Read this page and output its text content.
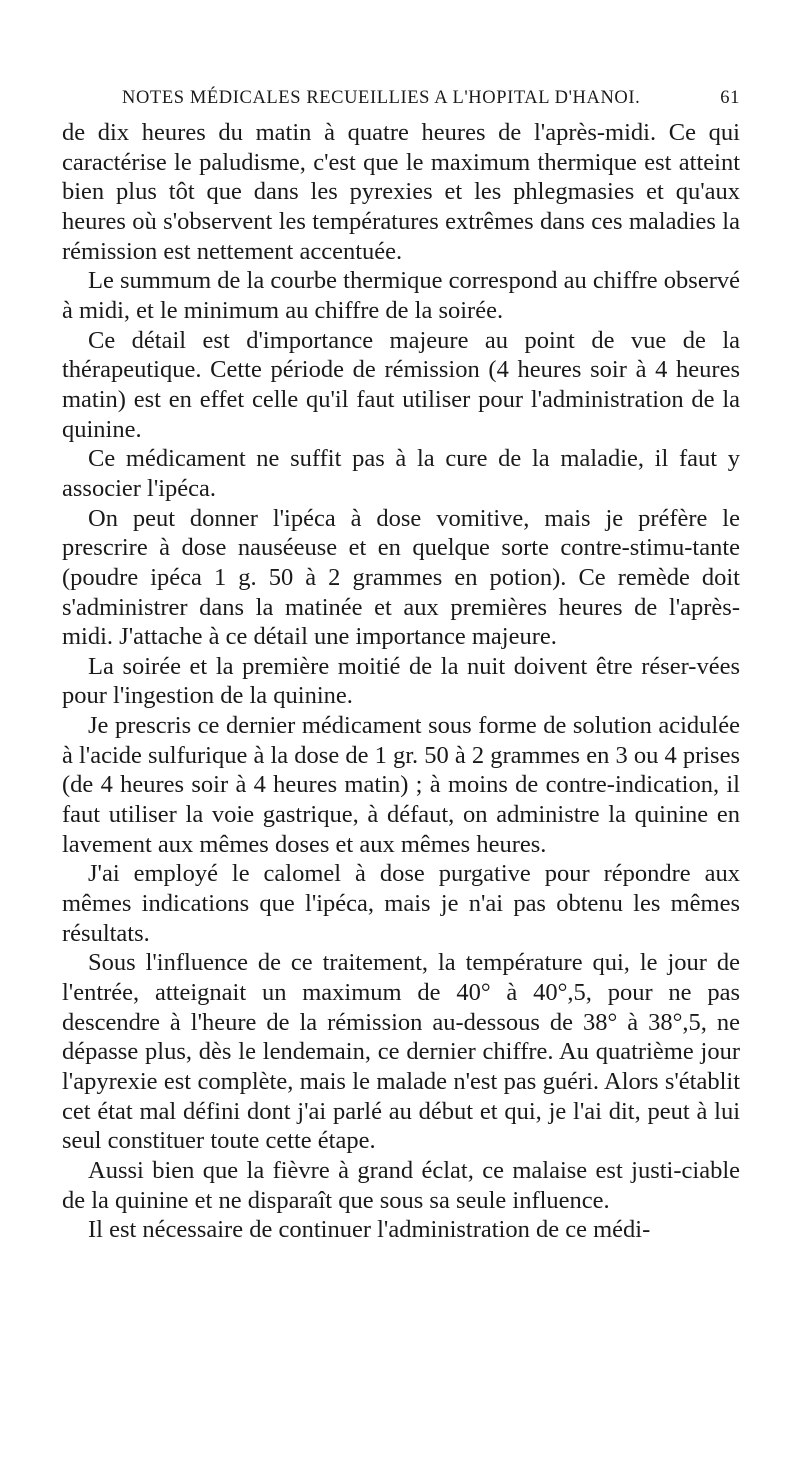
NOTES MÉDICALES RECUEILLIES A L'HOPITAL D'HANOI.	61

de dix heures du matin à quatre heures de l'après-midi. Ce qui caractérise le paludisme, c'est que le maximum thermique est atteint bien plus tôt que dans les pyrexies et les phlegmasies et qu'aux heures où s'observent les températures extrêmes dans ces maladies la rémission est nettement accentuée.

Le summum de la courbe thermique correspond au chiffre observé à midi, et le minimum au chiffre de la soirée.

Ce détail est d'importance majeure au point de vue de la thérapeutique. Cette période de rémission (4 heures soir à 4 heures matin) est en effet celle qu'il faut utiliser pour l'administration de la quinine.

Ce médicament ne suffit pas à la cure de la maladie, il faut y associer l'ipéca.

On peut donner l'ipéca à dose vomitive, mais je préfère le prescrire à dose nauséeuse et en quelque sorte contre-stimu-tante (poudre ipéca 1 g. 50 à 2 grammes en potion). Ce remède doit s'administrer dans la matinée et aux premières heures de l'après-midi. J'attache à ce détail une importance majeure.

La soirée et la première moitié de la nuit doivent être réser-vées pour l'ingestion de la quinine.

Je prescris ce dernier médicament sous forme de solution acidulée à l'acide sulfurique à la dose de 1 gr. 50 à 2 grammes en 3 ou 4 prises (de 4 heures soir à 4 heures matin) ; à moins de contre-indication, il faut utiliser la voie gastrique, à défaut, on administre la quinine en lavement aux mêmes doses et aux mêmes heures.

J'ai employé le calomel à dose purgative pour répondre aux mêmes indications que l'ipéca, mais je n'ai pas obtenu les mêmes résultats.

Sous l'influence de ce traitement, la température qui, le jour de l'entrée, atteignait un maximum de 40° à 40°,5, pour ne pas descendre à l'heure de la rémission au-dessous de 38° à 38°,5, ne dépasse plus, dès le lendemain, ce dernier chiffre. Au quatrième jour l'apyrexie est complète, mais le malade n'est pas guéri. Alors s'établit cet état mal défini dont j'ai parlé au début et qui, je l'ai dit, peut à lui seul constituer toute cette étape.

Aussi bien que la fièvre à grand éclat, ce malaise est justi-ciable de la quinine et ne disparaît que sous sa seule influence.

Il est nécessaire de continuer l'administration de ce médi-
